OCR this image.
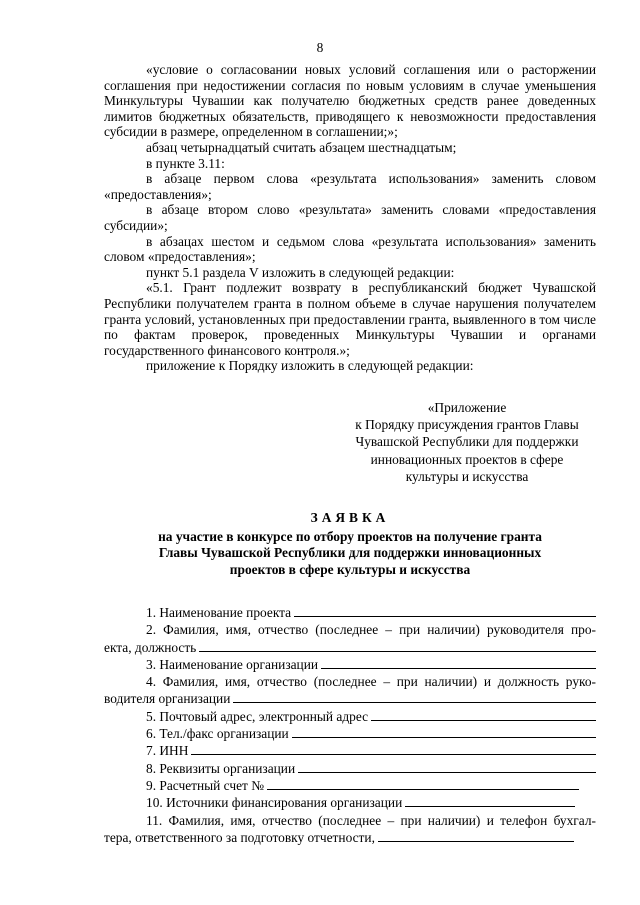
8

«условие о согласовании новых условий соглашения или о расторжении соглашения при недостижении согласия по новым условиям в случае уменьшения Минкультуры Чувашии как получателю бюджетных средств ранее доведенных лимитов бюджетных обязательств, приводящего к невозможности предоставления субсидии в размере, определенном в соглашении;»;

абзац четырнадцатый считать абзацем шестнадцатым;

в пункте 3.11:

в абзаце первом слова «результата использования» заменить словом «предоставления»;

в абзаце втором слово «результата» заменить словами «предоставления субсидии»;

в абзацах шестом и седьмом слова «результата использования» заменить словом «предоставления»;

пункт 5.1 раздела V изложить в следующей редакции:

«5.1. Грант подлежит возврату в республиканский бюджет Чувашской Республики получателем гранта в полном объеме в случае нарушения получателем гранта условий, установленных при предоставлении гранта, выявленного в том числе по фактам проверок, проведенных Минкультуры Чувашии и органами государственного финансового контроля.»;

приложение к Порядку изложить в следующей редакции:

«Приложение
к Порядку присуждения грантов Главы
Чувашской Республики для поддержки
инновационных проектов в сфере
культуры и искусства
ЗАЯВКА
на участие в конкурсе по отбору проектов на получение гранта
Главы Чувашской Республики для поддержки инновационных
проектов в сфере культуры и искусства
1. Наименование проекта
2. Фамилия, имя, отчество (последнее – при наличии) руководителя про-
екта, должность
3. Наименование организации
4. Фамилия, имя, отчество (последнее – при наличии) и должность руко-
водителя организации
5. Почтовый адрес, электронный адрес
6. Тел./факс организации
7. ИНН
8. Реквизиты организации
9. Расчетный счет №
10. Источники финансирования организации
11. Фамилия, имя, отчество (последнее – при наличии) и телефон бухгал-
тера, ответственного за подготовку отчетности,
